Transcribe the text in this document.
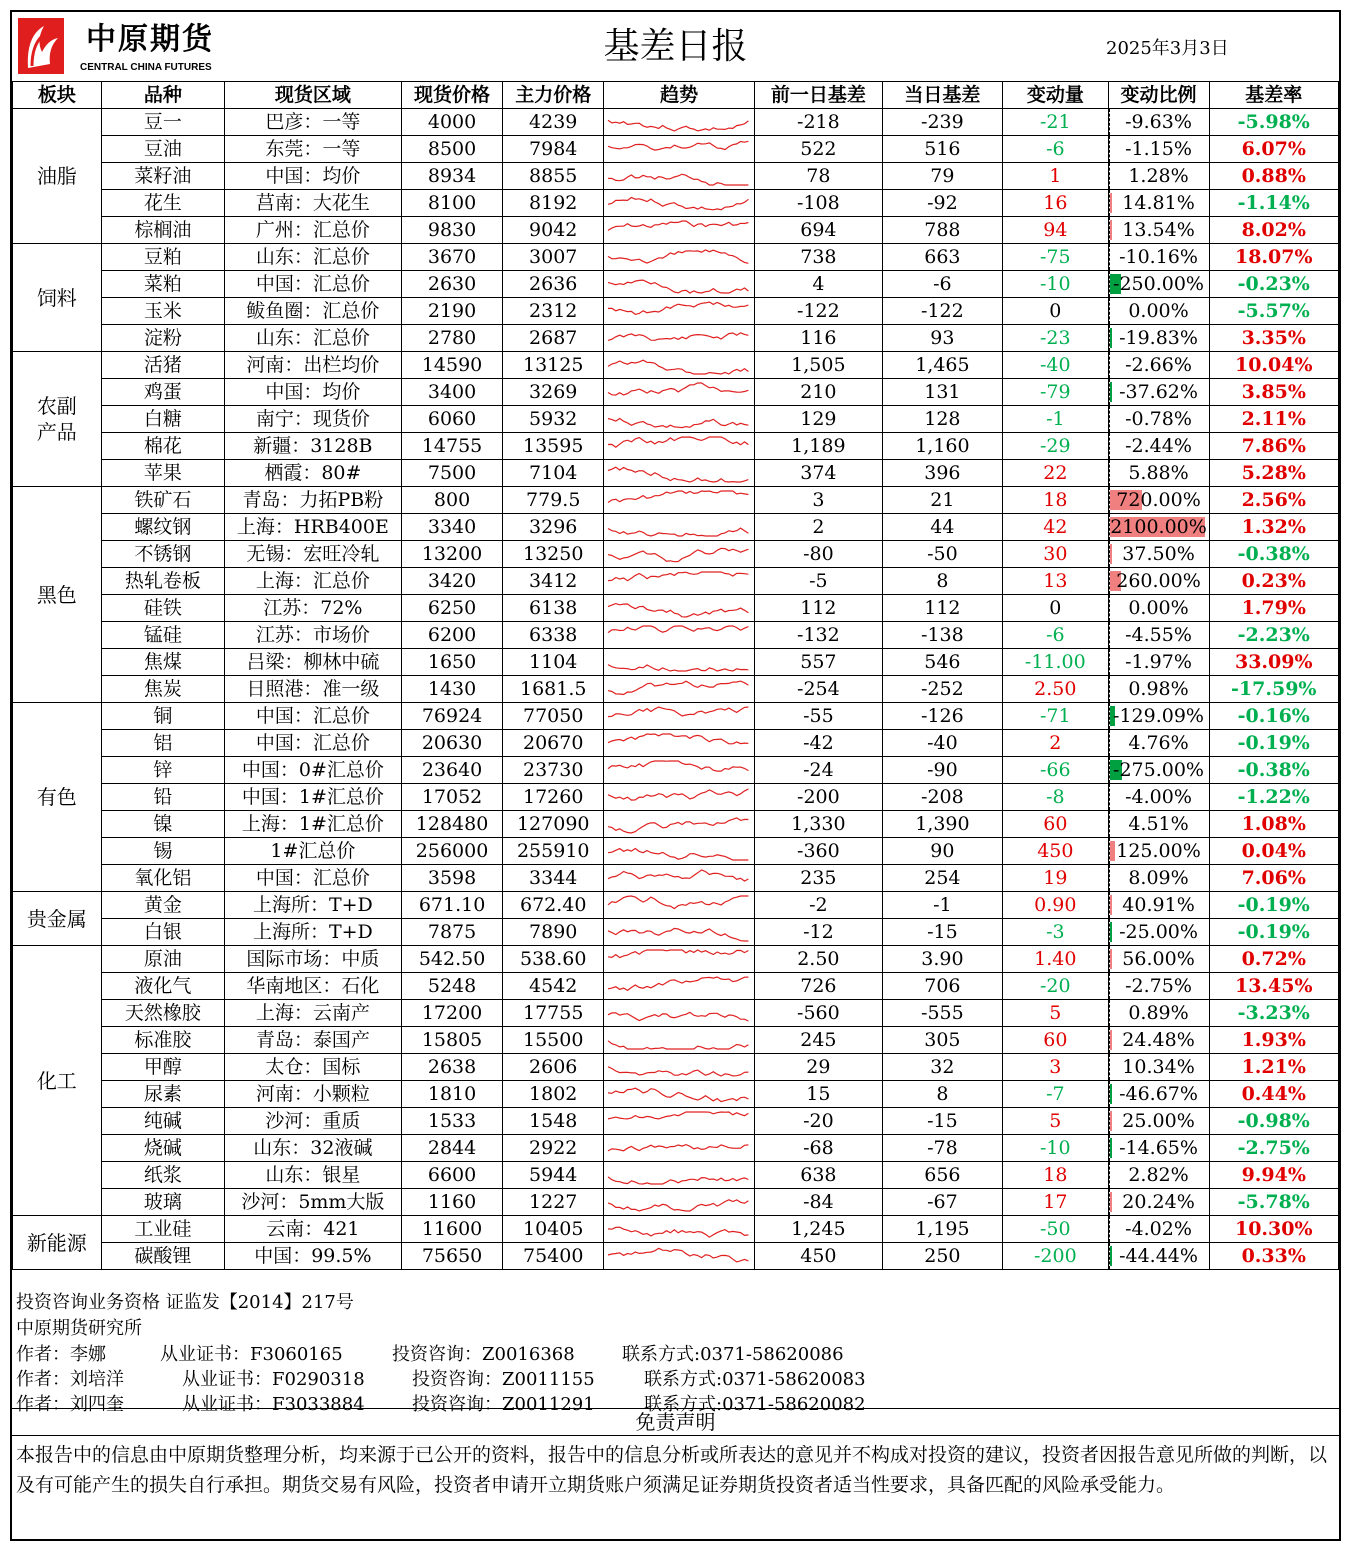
中原期货
CENTRAL CHINA FUTURES
基差日报	2025年3月3日
板块	品种	现货区域	现货价格	主力价格	趋势	前一日基差	当日基差	变动量	变动比例	基差率
油脂	豆一	巴彦：一等	4000	4239		-218	-239	-21	-9.63%	-5.98%
	豆油	东莞：一等	8500	7984		522	516	-6	-1.15%	6.07%
	菜籽油	中国：均价	8934	8855		78	79	1	1.28%	0.88%
	花生	莒南：大花生	8100	8192		-108	-92	16	14.81%	-1.14%
	棕榈油	广州：汇总价	9830	9042		694	788	94	13.54%	8.02%
饲料	豆粕	山东：汇总价	3670	3007		738	663	-75	-10.16%	18.07%
	菜粕	中国：汇总价	2630	2636		4	-6	-10	-250.00%	-0.23%
	玉米	鲅鱼圈：汇总价	2190	2312		-122	-122	0	0.00%	-5.57%
	淀粉	山东：汇总价	2780	2687		116	93	-23	-19.83%	3.35%
农副产品	活猪	河南：出栏均价	14590	13125		1,505	1,465	-40	-2.66%	10.04%
	鸡蛋	中国：均价	3400	3269		210	131	-79	-37.62%	3.85%
	白糖	南宁：现货价	6060	5932		129	128	-1	-0.78%	2.11%
	棉花	新疆：3128B	14755	13595		1,189	1,160	-29	-2.44%	7.86%
	苹果	栖霞：80#	7500	7104		374	396	22	5.88%	5.28%
黑色	铁矿石	青岛：力拓PB粉	800	779.5		3	21	18	720.00%	2.56%
	螺纹钢	上海：HRB400E	3340	3296		2	44	42	2100.00%	1.32%
	不锈钢	无锡：宏旺冷轧	13200	13250		-80	-50	30	37.50%	-0.38%
	热轧卷板	上海：汇总价	3420	3412		-5	8	13	260.00%	0.23%
	硅铁	江苏：72%	6250	6138		112	112	0	0.00%	1.79%
	锰硅	江苏：市场价	6200	6338		-132	-138	-6	-4.55%	-2.23%
	焦煤	吕梁：柳林中硫	1650	1104		557	546	-11.00	-1.97%	33.09%
	焦炭	日照港：准一级	1430	1681.5		-254	-252	2.50	0.98%	-17.59%
有色	铜	中国：汇总价	76924	77050		-55	-126	-71	-129.09%	-0.16%
	铝	中国：汇总价	20630	20670		-42	-40	2	4.76%	-0.19%
	锌	中国：0#汇总价	23640	23730		-24	-90	-66	-275.00%	-0.38%
	铅	中国：1#汇总价	17052	17260		-200	-208	-8	-4.00%	-1.22%
	镍	上海：1#汇总价	128480	127090		1,330	1,390	60	4.51%	1.08%
	锡	1#汇总价	256000	255910		-360	90	450	125.00%	0.04%
	氧化铝	中国：汇总价	3598	3344		235	254	19	8.09%	7.06%
贵金属	黄金	上海所：T+D	671.10	672.40		-2	-1	0.90	40.91%	-0.19%
	白银	上海所：T+D	7875	7890		-12	-15	-3	-25.00%	-0.19%
化工	原油	国际市场：中质	542.50	538.60		2.50	3.90	1.40	56.00%	0.72%
	液化气	华南地区：石化	5248	4542		726	706	-20	-2.75%	13.45%
	天然橡胶	上海：云南产	17200	17755		-560	-555	5	0.89%	-3.23%
	标准胶	青岛：泰国产	15805	15500		245	305	60	24.48%	1.93%
	甲醇	太仓：国标	2638	2606		29	32	3	10.34%	1.21%
	尿素	河南：小颗粒	1810	1802		15	8	-7	-46.67%	0.44%
	纯碱	沙河：重质	1533	1548		-20	-15	5	25.00%	-0.98%
	烧碱	山东：32液碱	2844	2922		-68	-78	-10	-14.65%	-2.75%
	纸浆	山东：银星	6600	5944		638	656	18	2.82%	9.94%
	玻璃	沙河：5mm大版	1160	1227		-84	-67	17	20.24%	-5.78%
新能源	工业硅	云南：421	11600	10405		1,245	1,195	-50	-4.02%	10.30%
	碳酸锂	中国：99.5%	75650	75400		450	250	-200	-44.44%	0.33%
投资咨询业务资格 证监发【2014】217号
中原期货研究所
作者：李娜	从业证书：F3060165	投资咨询：Z0016368	联系方式:0371-58620086
作者：刘培洋	从业证书：F0290318	投资咨询：Z0011155	联系方式:0371-58620083
作者：刘四奎	从业证书：F3033884	投资咨询：Z0011291	联系方式:0371-58620082
免责声明
本报告中的信息由中原期货整理分析，均来源于已公开的资料，报告中的信息分析或所表达的意见并不构成对投资的建议，投资者因报告意见所做的判断，以及有可能产生的损失自行承担。期货交易有风险，投资者申请开立期货账户须满足证券期货投资者适当性要求，具备匹配的风险承受能力。
